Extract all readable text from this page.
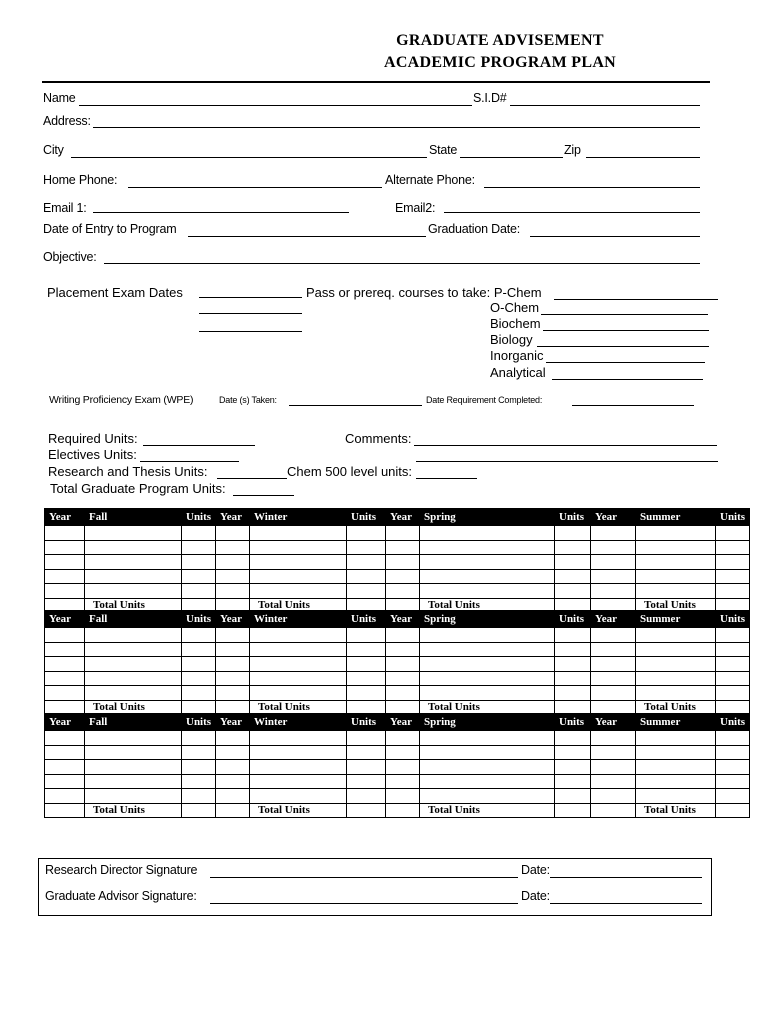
GRADUATE ADVISEMENT
ACADEMIC PROGRAM PLAN
Name	S.I.D#
Address:
City	State	Zip
Home Phone:	Alternate Phone:
Email 1:	Email2:
Date of Entry to Program	Graduation Date:
Objective:
Placement Exam Dates	Pass or prereq. courses to take: P-Chem
O-Chem
Biochem
Biology
Inorganic
Analytical
Writing Proficiency Exam (WPE)	Date (s) Taken:	Date Requirement Completed:
Required Units:
Electives Units:
Research and Thesis Units:	Chem 500 level units:
Total Graduate Program Units:
Comments:
Year	Fall	Units	Year	Winter	Units	Year	Spring	Units	Year	Summer	Units

	Total Units			Total Units			Total Units			Total Units	
Year	Fall	Units	Year	Winter	Units	Year	Spring	Units	Year	Summer	Units

	Total Units			Total Units			Total Units			Total Units	
Year	Fall	Units	Year	Winter	Units	Year	Spring	Units	Year	Summer	Units

	Total Units			Total Units			Total Units			Total Units	
Research Director Signature	Date:
Graduate Advisor Signature:	Date:
